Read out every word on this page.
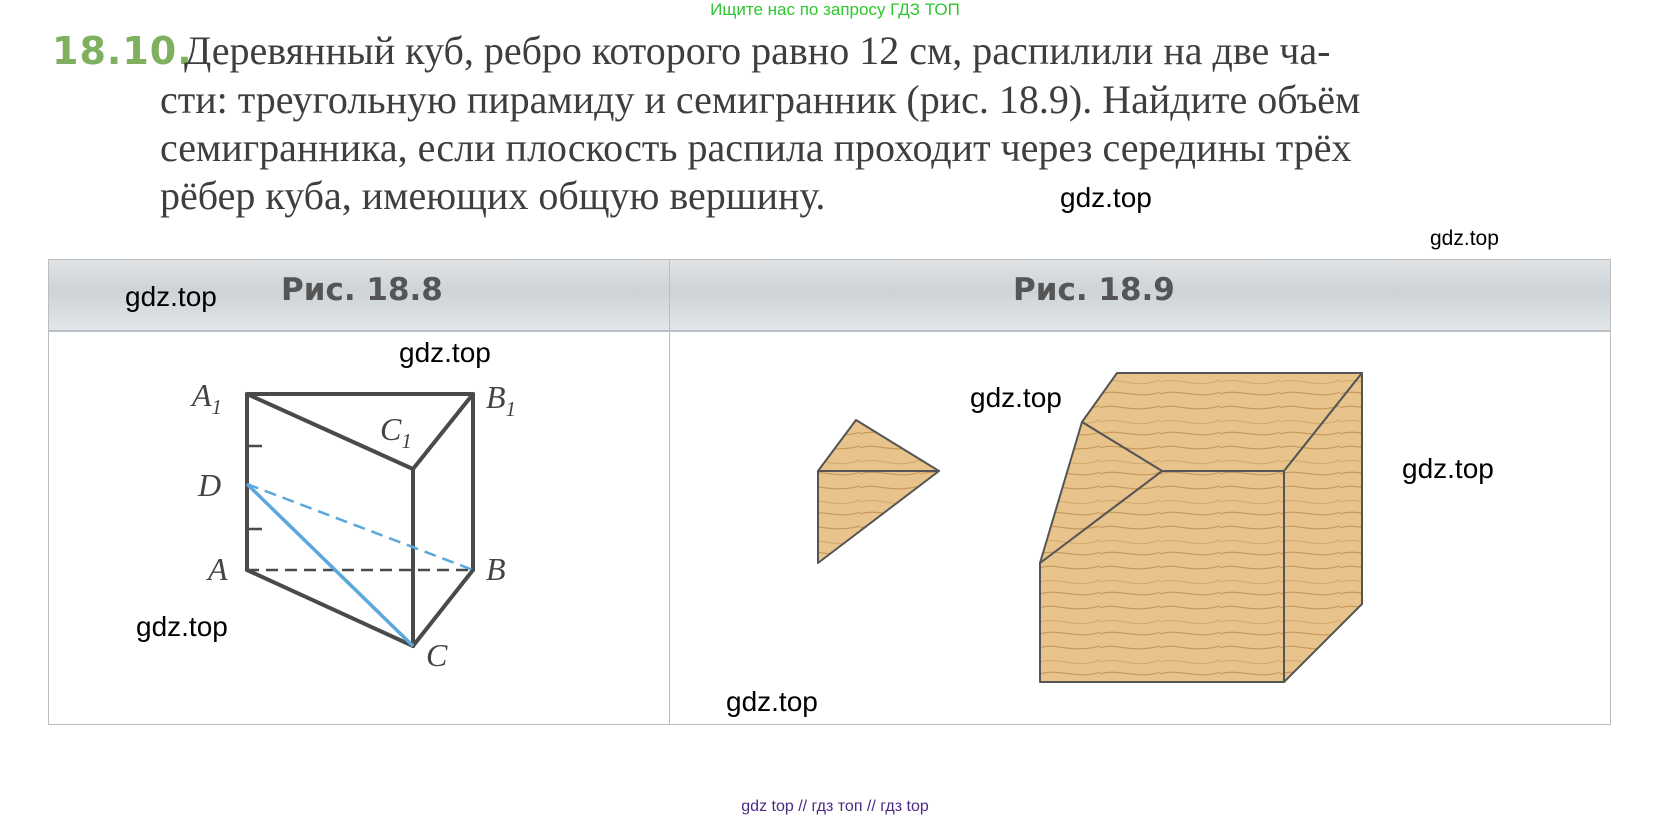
Ищите нас по запросу ГДЗ ТОП
18.10.
Деревянный куб, ребро которого равно 12 см, распилили на две ча-
сти: треугольную пирамиду и семигранник (рис. 18.9). Найдите объём
семигранника, если плоскость распила проходит через середины трёх
рёбер куба, имеющих общую вершину.
Рис. 18.8	Рис. 18.9
$A_1$	$B_1$
$C_1$
D
A	B
C
gdz.top
gdz.top
gdz.top
gdz.top
gdz.top
gdz.top
gdz.top
gdz.top
gdz top // гдз топ // гдз top
